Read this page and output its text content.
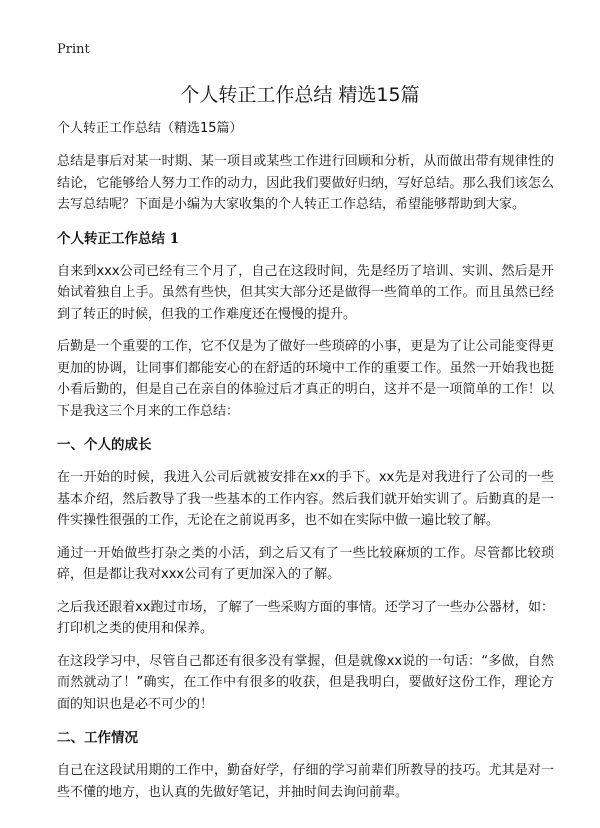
Print
个人转正工作总结 精选15篇
个人转正工作总结（精选15篇）

总结是事后对某一时期、某一项目或某些工作进行回顾和分析，从而做出带有规律性的结论，它能够给人努力工作的动力，因此我们要做好归纳，写好总结。那么我们该怎么去写总结呢？下面是小编为大家收集的个人转正工作总结，希望能够帮助到大家。

个人转正工作总结 1

自来到xxx公司已经有三个月了，自己在这段时间，先是经历了培训、实训、然后是开始试着独自上手。虽然有些快，但其实大部分还是做得一些简单的工作。而且虽然已经到了转正的时候，但我的工作难度还在慢慢的提升。

后勤是一个重要的工作，它不仅是为了做好一些琐碎的小事，更是为了让公司能变得更更加的协调，让同事们都能安心的在舒适的环境中工作的重要工作。虽然一开始我也挺小看后勤的，但是自己在亲自的体验过后才真正的明白，这并不是一项简单的工作！以下是我这三个月来的工作总结：

一、个人的成长

在一开始的时候，我进入公司后就被安排在xx的手下。xx先是对我进行了公司的一些基本介绍，然后教导了我一些基本的工作内容。然后我们就开始实训了。后勤真的是一件实操性很强的工作，无论在之前说再多，也不如在实际中做一遍比较了解。

通过一开始做些打杂之类的小活，到之后又有了一些比较麻烦的工作。尽管都比较琐碎，但是都让我对xxx公司有了更加深入的了解。

之后我还跟着xx跑过市场，了解了一些采购方面的事情。还学习了一些办公器材，如：打印机之类的使用和保养。

在这段学习中，尽管自己都还有很多没有掌握，但是就像xx说的一句话：“多做，自然而然就动了！”确实，在工作中有很多的收获，但是我明白，要做好这份工作，理论方面的知识也是必不可少的！

二、工作情况

自己在这段试用期的工作中，勤奋好学，仔细的学习前辈们所教导的技巧。尤其是对一些不懂的地方，也认真的先做好笔记，并抽时间去询问前辈。
